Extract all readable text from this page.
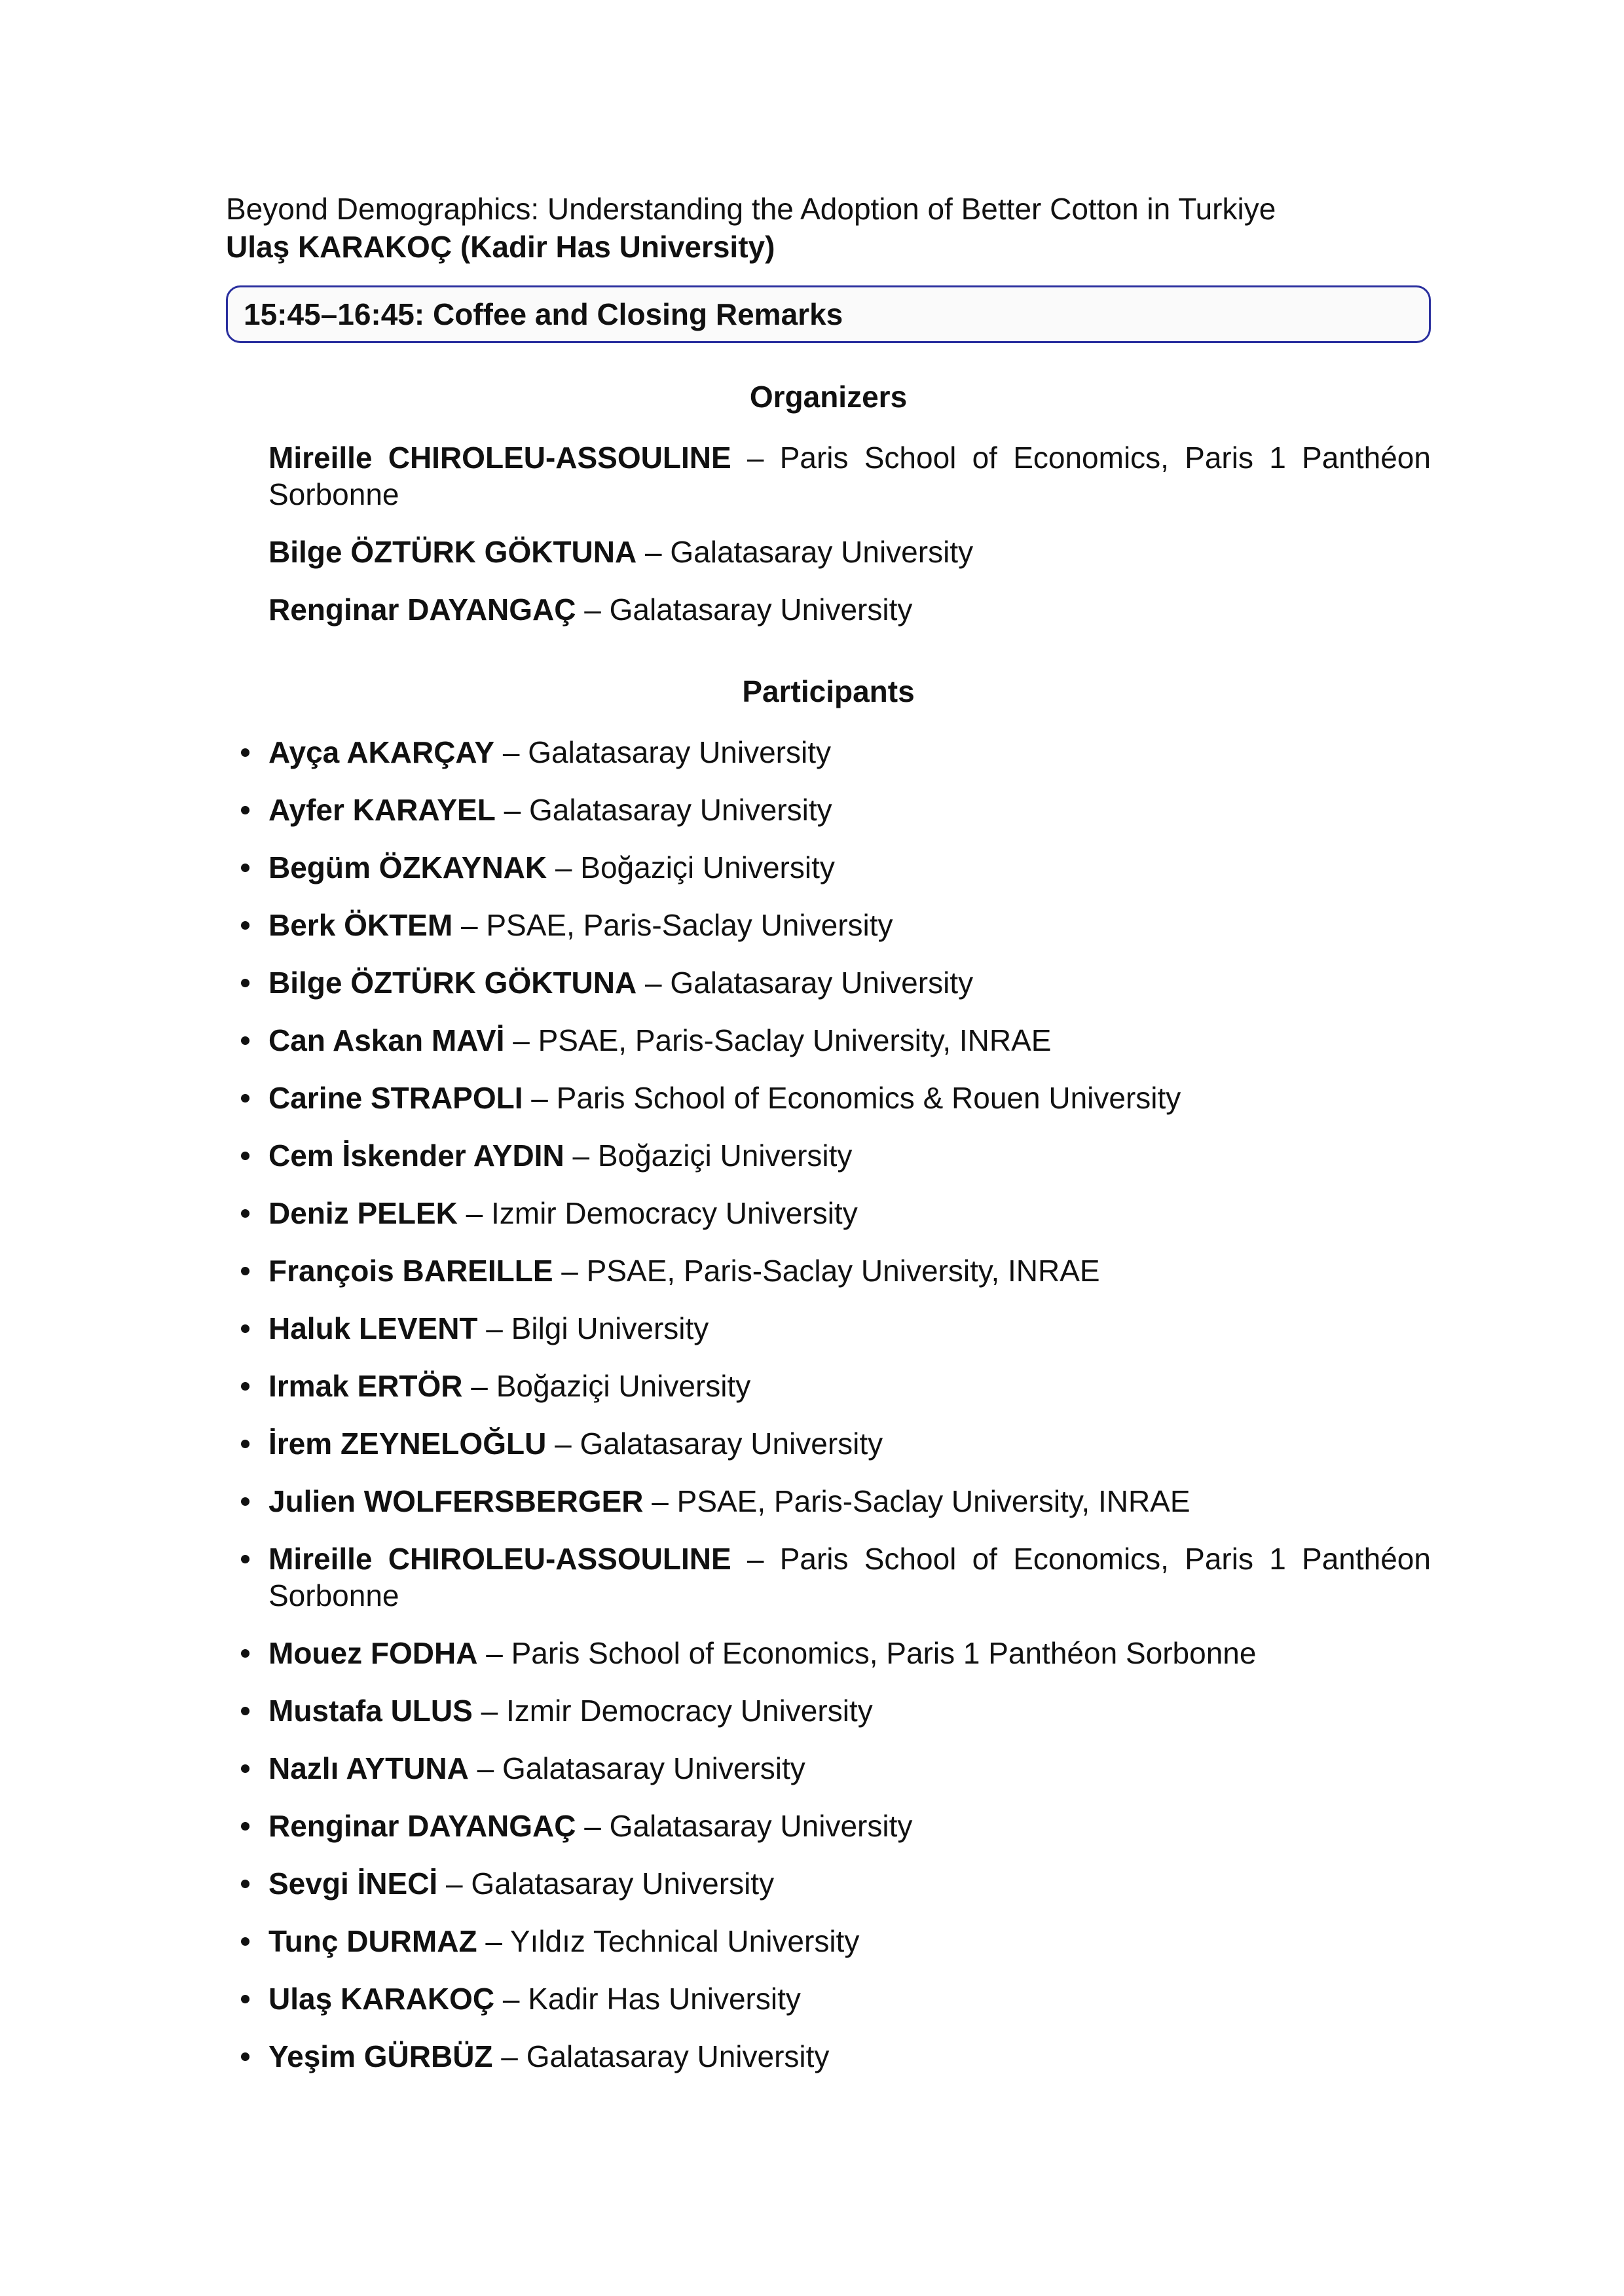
Beyond Demographics: Understanding the Adoption of Better Cotton in Turkiye

Ulaş KARAKOÇ (Kadir Has University)

15:45–16:45: Coffee and Closing Remarks
Organizers
Mireille CHIROLEU-ASSOULINE – Paris School of Economics, Paris 1 Panthéon Sorbonne
Bilge ÖZTÜRK GÖKTUNA – Galatasaray University
Renginar DAYANGAÇ – Galatasaray University
Participants
Ayça AKARÇAY – Galatasaray University
Ayfer KARAYEL – Galatasaray University
Begüm ÖZKAYNAK – Boğaziçi University
Berk ÖKTEM – PSAE, Paris-Saclay University
Bilge ÖZTÜRK GÖKTUNA – Galatasaray University
Can Askan MAVİ – PSAE, Paris-Saclay University, INRAE
Carine STRAPOLI – Paris School of Economics & Rouen University
Cem İskender AYDIN – Boğaziçi University
Deniz PELEK – Izmir Democracy University
François BAREILLE – PSAE, Paris-Saclay University, INRAE
Haluk LEVENT – Bilgi University
Irmak ERTÖR – Boğaziçi University
İrem ZEYNELOĞLU – Galatasaray University
Julien WOLFERSBERGER – PSAE, Paris-Saclay University, INRAE
Mireille CHIROLEU-ASSOULINE – Paris School of Economics, Paris 1 Panthéon Sorbonne
Mouez FODHA – Paris School of Economics, Paris 1 Panthéon Sorbonne
Mustafa ULUS – Izmir Democracy University
Nazlı AYTUNA – Galatasaray University
Renginar DAYANGAÇ – Galatasaray University
Sevgi İNECİ – Galatasaray University
Tunç DURMAZ – Yıldız Technical University
Ulaş KARAKOÇ – Kadir Has University
Yeşim GÜRBÜZ – Galatasaray University
